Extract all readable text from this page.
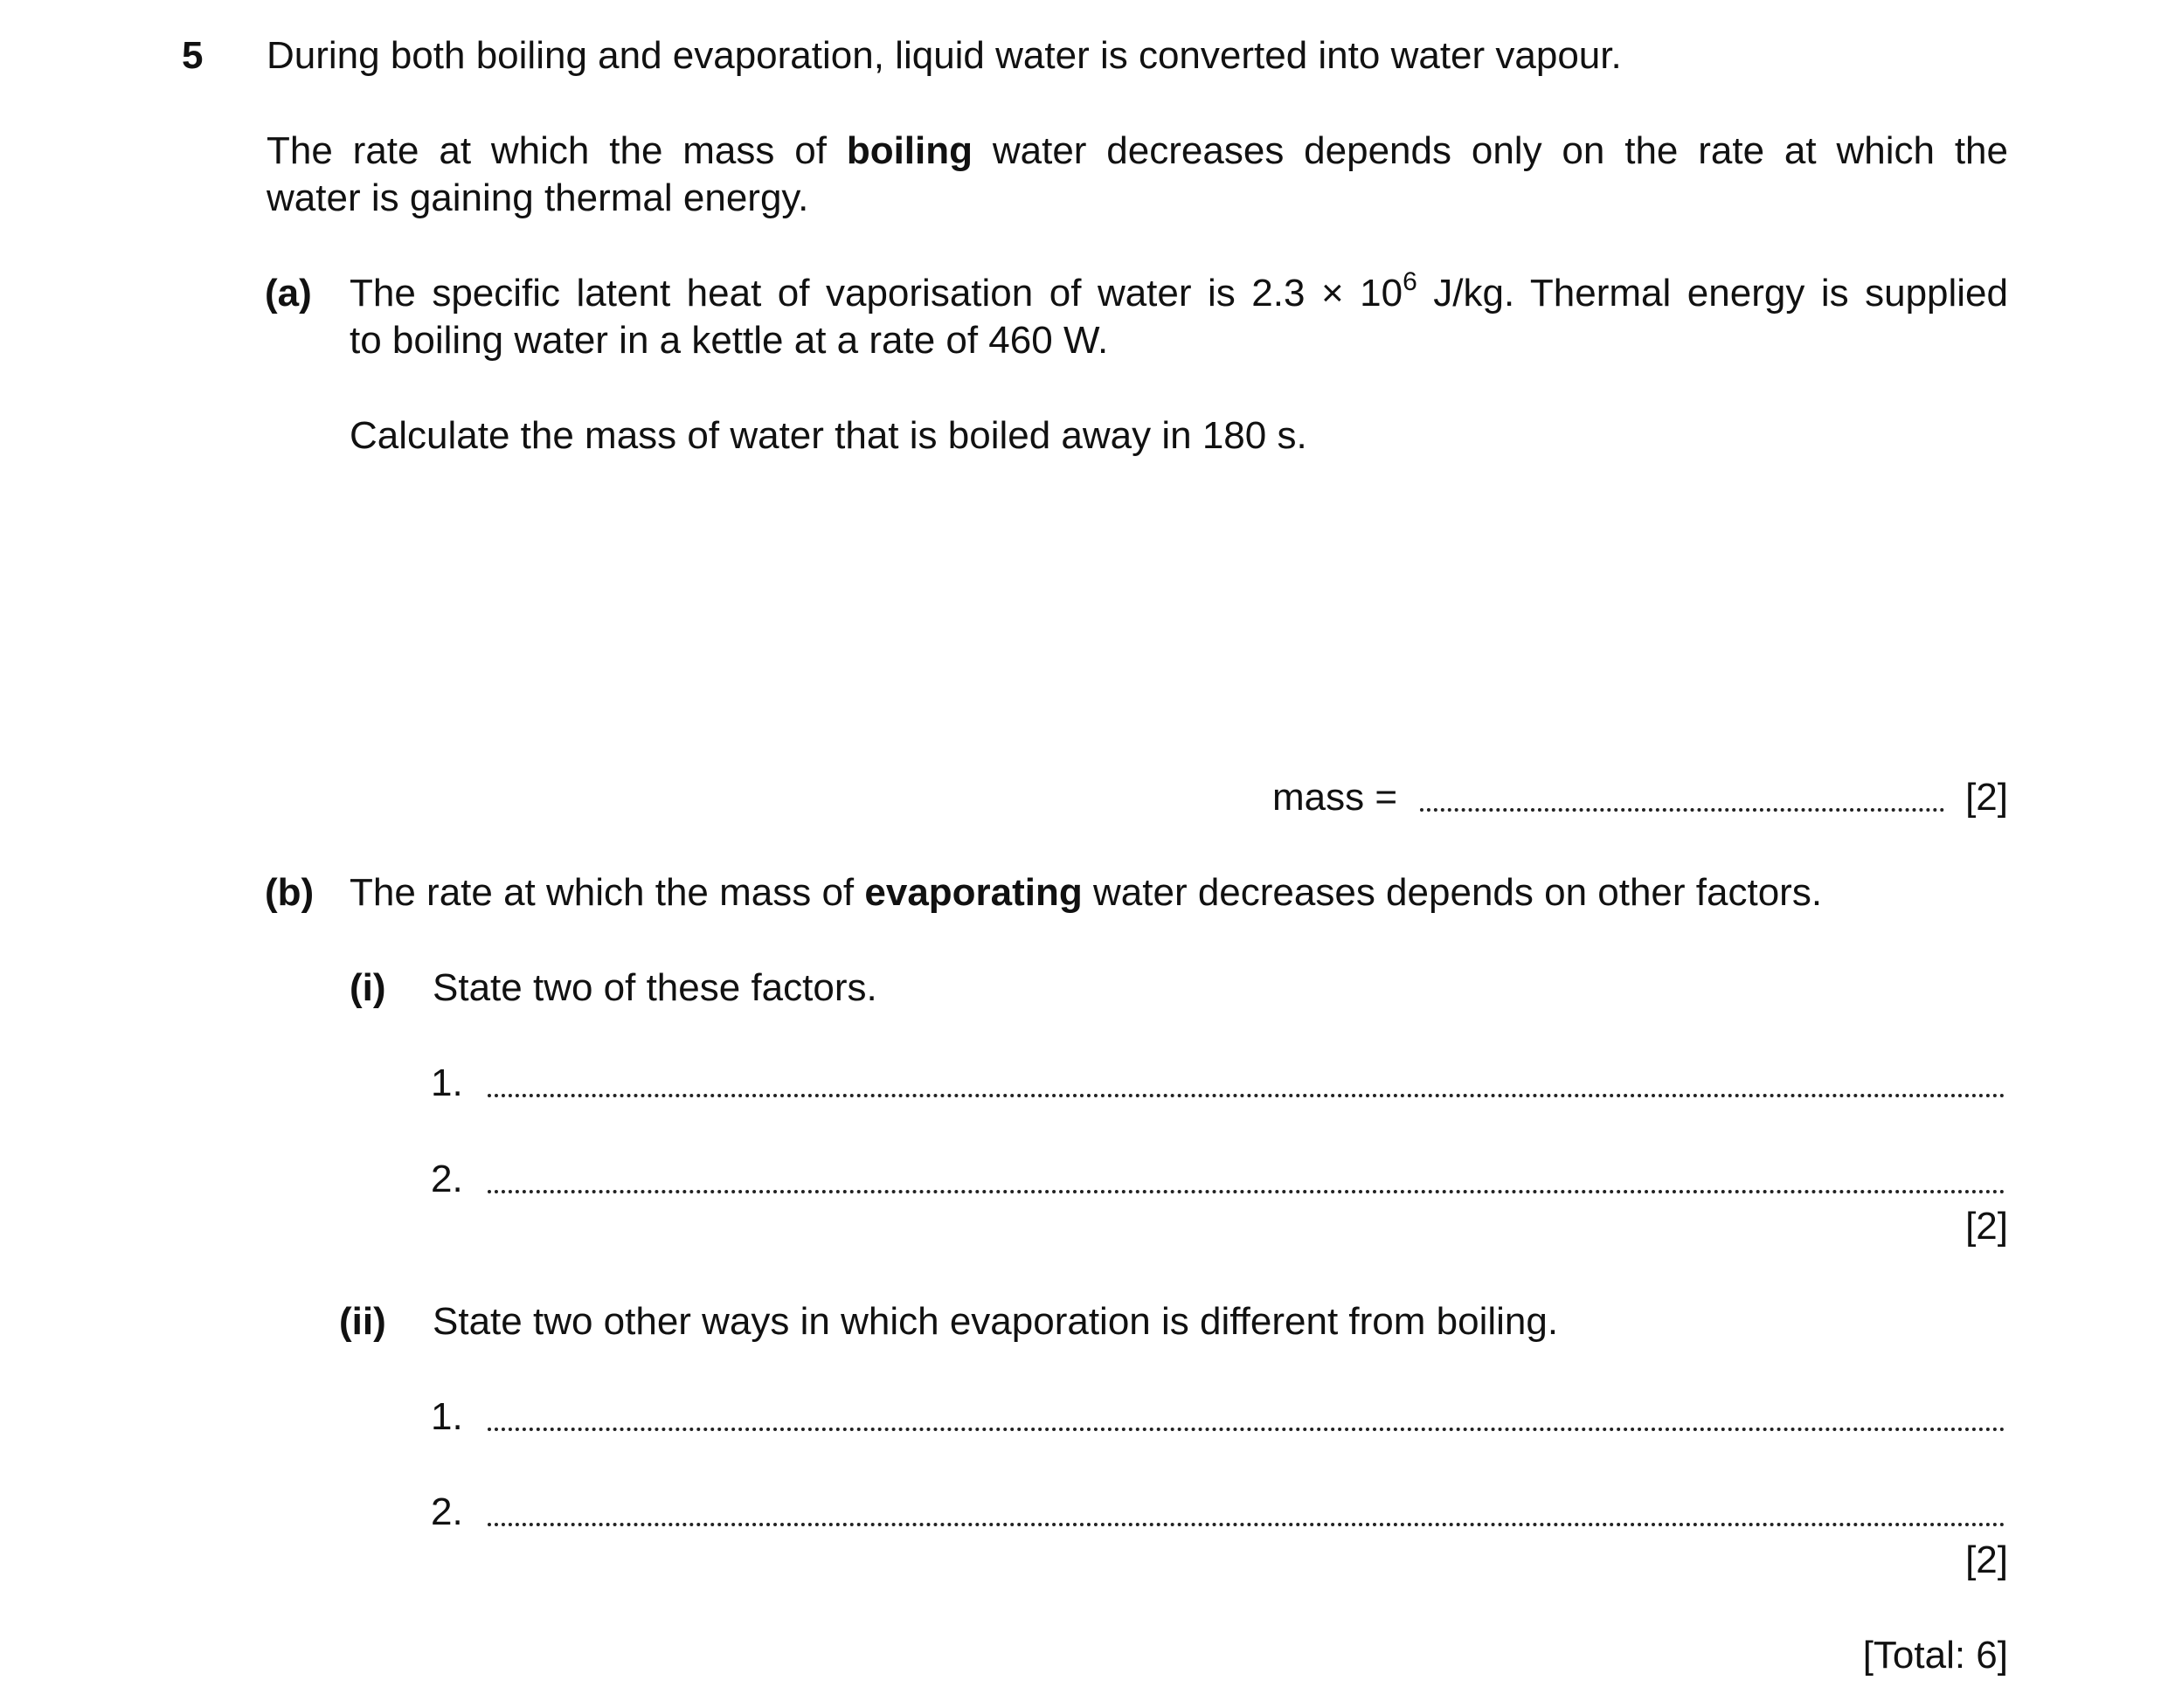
5 During both boiling and evaporation, liquid water is converted into water vapour.
The rate at which the mass of boiling water decreases depends only on the rate at which the
water is gaining thermal energy.
(a) The specific latent heat of vaporisation of water is $2.3 \times 10^6$ J/kg. Thermal energy is supplied
to boiling water in a kettle at a rate of 460 W.
Calculate the mass of water that is boiled away in 180 s.
mass =	[2]
(b) The rate at which the mass of evaporating water decreases depends on other factors.
(i) State two of these factors.
1.
2.
[2]
(ii) State two other ways in which evaporation is different from boiling.
1.
2.
[2]
[Total: 6]
